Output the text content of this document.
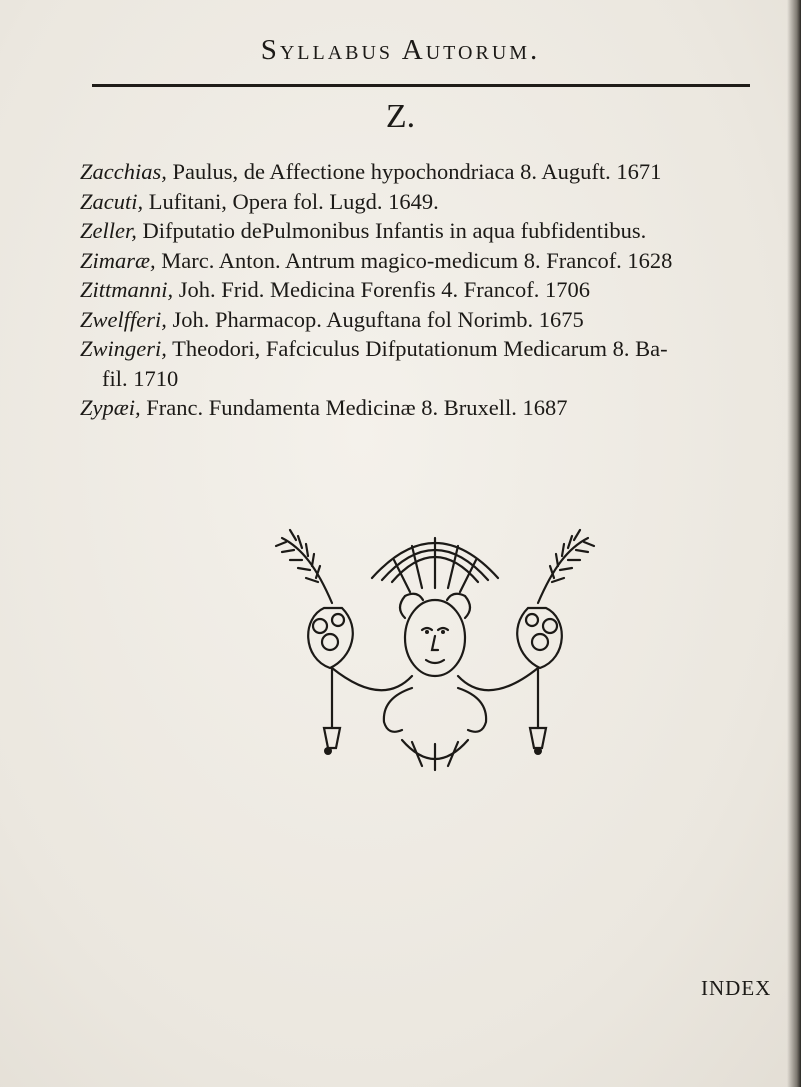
Syllabus Autorum.
Z.
Zacchias, Paulus, de Affectione hypochondriaca 8. Auguft. 1671
Zacuti, Lufitani, Opera fol. Lugd. 1649.
Zeller, Difputatio dePulmonibus Infantis in aqua fubfidentibus.
Zimaræ, Marc. Anton. Antrum magico-medicum 8. Francof. 1628
Zittmanni, Joh. Frid. Medicina Forenfis 4. Francof. 1706
Zwelfferi, Joh. Pharmacop. Auguftana fol Norimb. 1675
Zwingeri, Theodori, Fafciculus Difputationum Medicarum 8. Ba-
fil. 1710
Zypæi, Franc. Fundamenta Medicinæ 8. Bruxell. 1687
INDEX
